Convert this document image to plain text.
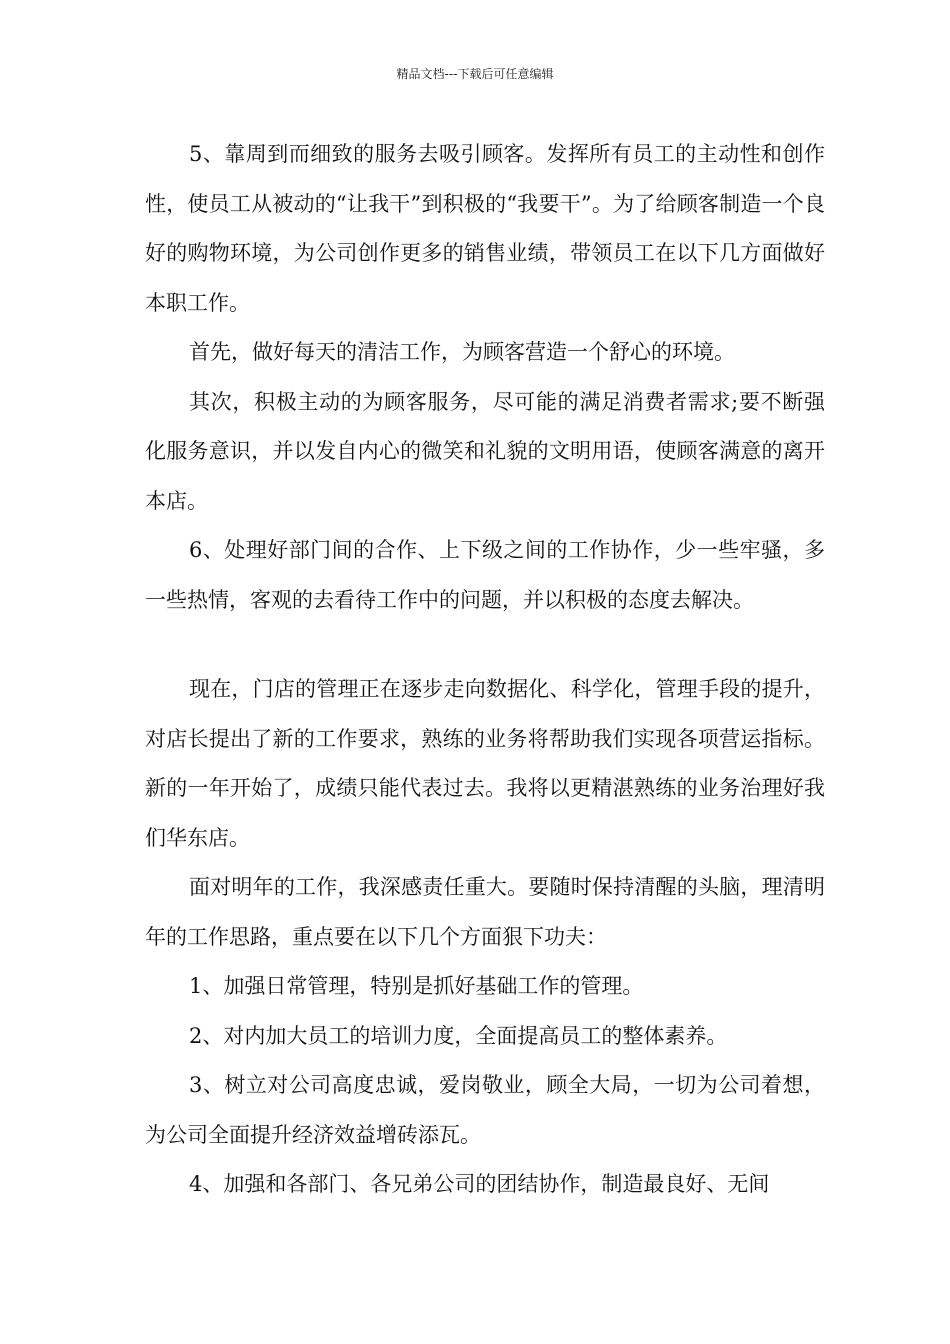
精品文档---下载后可任意编辑

5、靠周到而细致的服务去吸引顾客。发挥所有员工的主动性和创作性，使员工从被动的“让我干”到积极的“我要干”。为了给顾客制造一个良好的购物环境，为公司创作更多的销售业绩，带领员工在以下几方面做好本职工作。

首先，做好每天的清洁工作，为顾客营造一个舒心的环境。

其次，积极主动的为顾客服务，尽可能的满足消费者需求;要不断强化服务意识，并以发自内心的微笑和礼貌的文明用语，使顾客满意的离开本店。

6、处理好部门间的合作、上下级之间的工作协作，少一些牢骚，多一些热情，客观的去看待工作中的问题，并以积极的态度去解决。

现在，门店的管理正在逐步走向数据化、科学化，管理手段的提升，对店长提出了新的工作要求，熟练的业务将帮助我们实现各项营运指标。新的一年开始了，成绩只能代表过去。我将以更精湛熟练的业务治理好我们华东店。

面对明年的工作，我深感责任重大。要随时保持清醒的头脑，理清明年的工作思路，重点要在以下几个方面狠下功夫：

1、加强日常管理，特别是抓好基础工作的管理。

2、对内加大员工的培训力度，全面提高员工的整体素养。

3、树立对公司高度忠诚，爱岗敬业，顾全大局，一切为公司着想，为公司全面提升经济效益增砖添瓦。

4、加强和各部门、各兄弟公司的团结协作，制造最良好、无间
